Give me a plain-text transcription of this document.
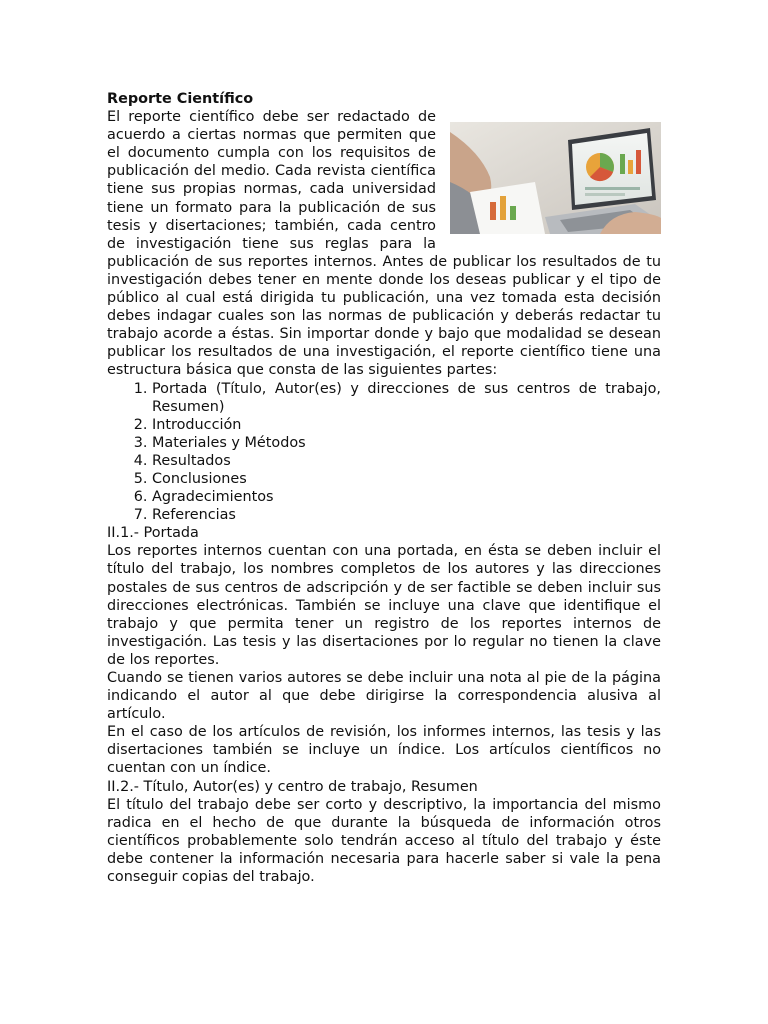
Reporte Científico

El reporte científico debe ser redactado de acuerdo a ciertas normas que permiten que el documento cumpla con los requisitos de publicación del medio. Cada revista científica tiene sus propias normas, cada universidad tiene un formato para la publicación de sus tesis y disertaciones; también, cada centro de investigación tiene sus reglas para la publicación de sus reportes internos. Antes de publicar los resultados de tu investigación debes tener en mente donde los deseas publicar y el tipo de público al cual está dirigida tu publicación, una vez tomada esta decisión debes indagar cuales son las normas de publicación y deberás redactar tu trabajo acorde a éstas. Sin importar donde y bajo que modalidad se desean publicar los resultados de una investigación, el reporte científico tiene una estructura básica que consta de las siguientes partes:

1. Portada (Título, Autor(es) y direcciones de sus centros de trabajo, Resumen)
2. Introducción
3. Materiales y Métodos
4. Resultados
5. Conclusiones
6. Agradecimientos
7. Referencias
II.1.- Portada

Los reportes internos cuentan con una portada, en ésta se deben incluir el título del trabajo, los nombres completos de los autores y las direcciones postales de sus centros de adscripción y de ser factible se deben incluir sus direcciones electrónicas. También se incluye una clave que identifique el trabajo y que permita tener un registro de los reportes internos de investigación. Las tesis y las disertaciones por lo regular no tienen la clave de los reportes.

Cuando se tienen varios autores se debe incluir una nota al pie de la página indicando el autor al que debe dirigirse la correspondencia alusiva al artículo.

En el caso de los artículos de revisión, los informes internos, las tesis y las disertaciones también se incluye un índice. Los artículos científicos no cuentan con un índice.

II.2.- Título, Autor(es) y centro de trabajo, Resumen

El título del trabajo debe ser corto y descriptivo, la importancia del mismo radica en el hecho de que durante la búsqueda de información otros científicos probablemente solo tendrán acceso al título del trabajo y éste debe contener la información necesaria para hacerle saber si vale la pena conseguir copias del trabajo.
